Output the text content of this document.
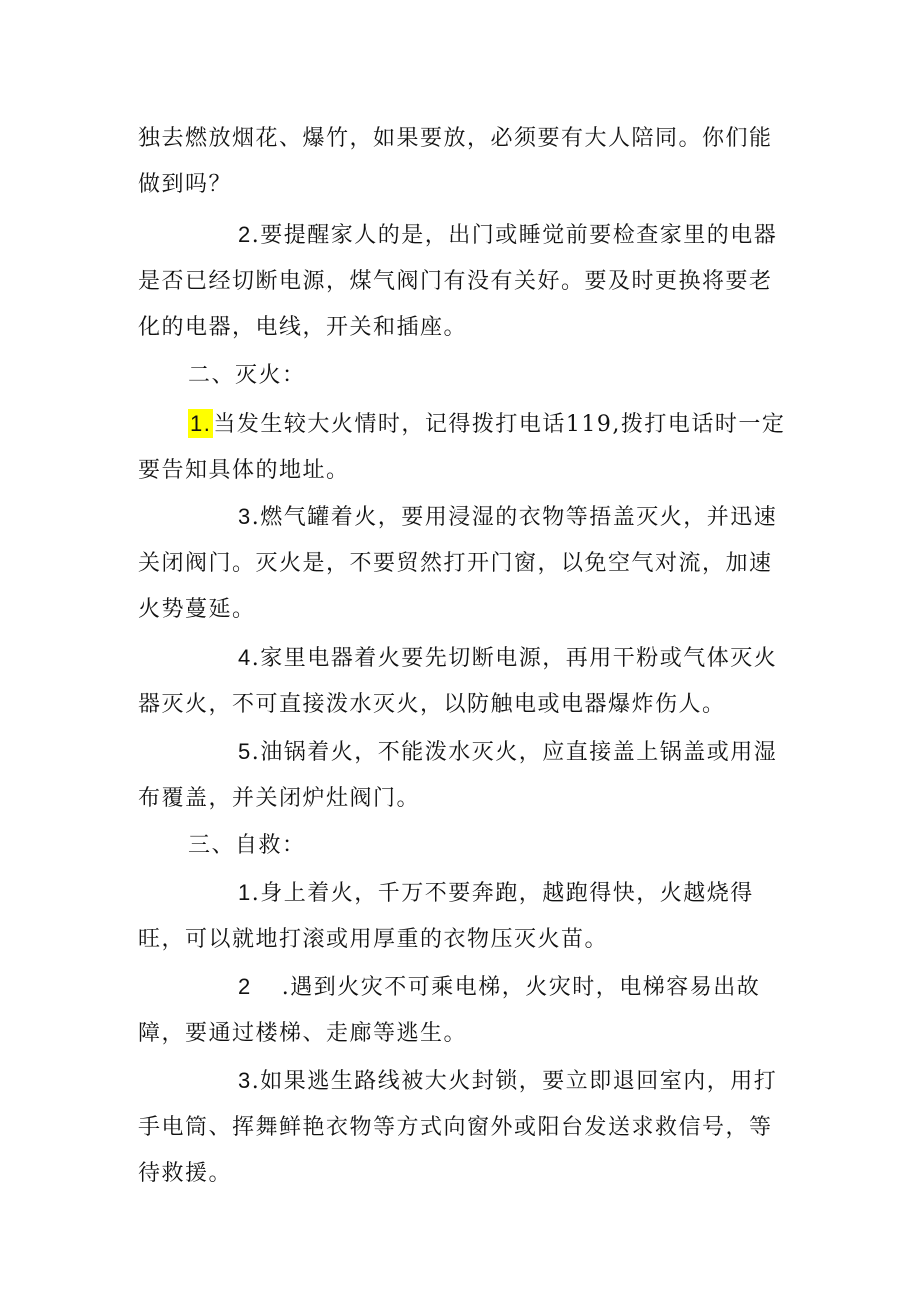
独去燃放烟花、爆竹，如果要放，必须要有大人陪同。你们能做到吗？

2.要提醒家人的是，出门或睡觉前要检查家里的电器是否已经切断电源，煤气阀门有没有关好。要及时更换将要老化的电器，电线，开关和插座。

二、灭火：

1.当发生较大火情时，记得拨打电话119,拨打电话时一定要告知具体的地址。

3.燃气罐着火，要用浸湿的衣物等捂盖灭火，并迅速关闭阀门。灭火是，不要贸然打开门窗，以免空气对流，加速火势蔓延。

4.家里电器着火要先切断电源，再用干粉或气体灭火器灭火，不可直接泼水灭火，以防触电或电器爆炸伤人。

5.油锅着火，不能泼水灭火，应直接盖上锅盖或用湿布覆盖，并关闭炉灶阀门。

三、自救：

1.身上着火，千万不要奔跑，越跑得快，火越烧得旺，可以就地打滚或用厚重的衣物压灭火苗。

2 .遇到火灾不可乘电梯，火灾时，电梯容易出故障，要通过楼梯、走廊等逃生。

3.如果逃生路线被大火封锁，要立即退回室内，用打手电筒、挥舞鲜艳衣物等方式向窗外或阳台发送求救信号，等待救援。
